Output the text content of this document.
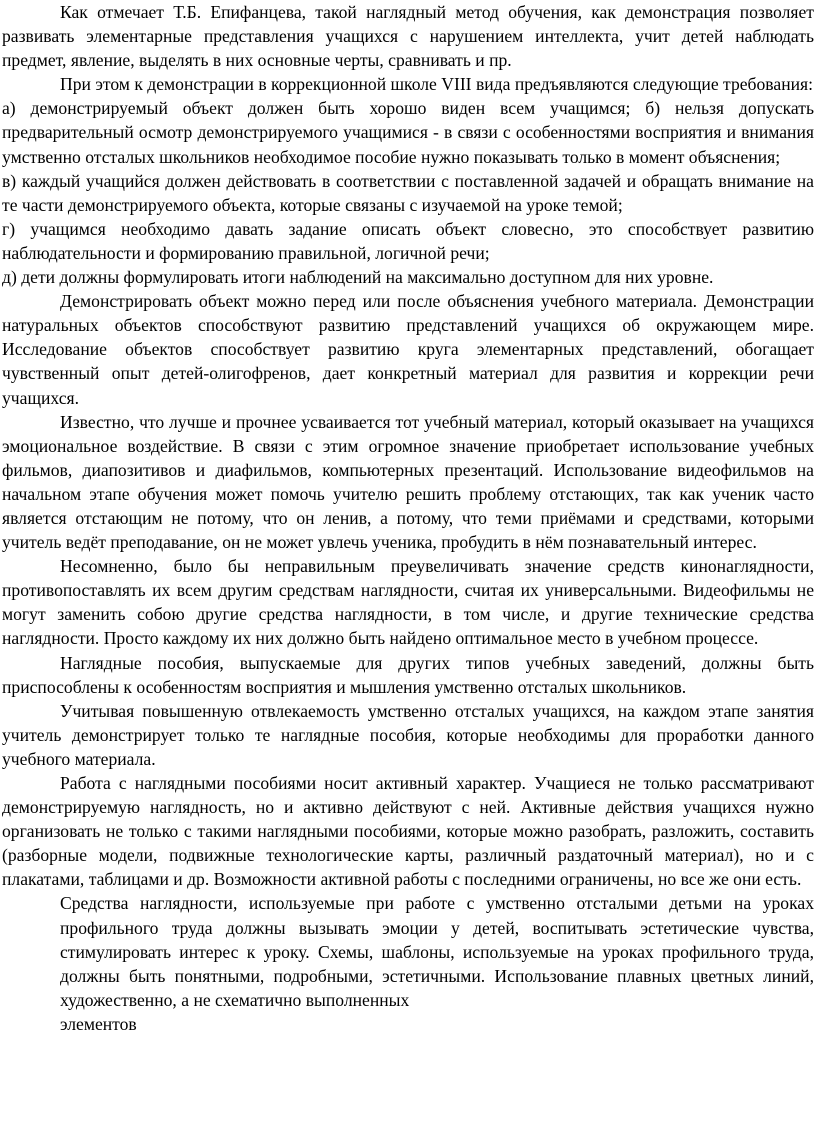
Как отмечает Т.Б. Епифанцева, такой наглядный метод обучения, как демонстрация позволяет развивать элементарные представления учащихся с нарушением интеллекта, учит детей наблюдать предмет, явление, выделять в них основные черты, сравнивать и пр.

При этом к демонстрации в коррекционной школе VIII вида предъявляются следующие требования:

а) демонстрируемый объект должен быть хорошо виден всем учащимся; б) нельзя допускать предварительный осмотр демонстрируемого учащимися - в связи с особенностями восприятия и внимания умственно отсталых школьников необходимое пособие нужно показывать только в момент объяснения;

в) каждый учащийся должен действовать в соответствии с поставленной задачей и обращать внимание на те части демонстрируемого объекта, которые связаны с изучаемой на уроке темой;

г) учащимся необходимо давать задание описать объект словесно, это способствует развитию наблюдательности и формированию правильной, логичной речи;

д) дети должны формулировать итоги наблюдений на максимально доступном для них уровне.

Демонстрировать объект можно перед или после объяснения учебного материала. Демонстрации натуральных объектов способствуют развитию представлений учащихся об окружающем мире. Исследование объектов способствует развитию круга элементарных представлений, обогащает чувственный опыт детей-олигофренов, дает конкретный материал для развития и коррекции речи учащихся.

Известно, что лучше и прочнее усваивается тот учебный материал, который оказывает на учащихся эмоциональное воздействие. В связи с этим огромное значение приобретает использование учебных фильмов, диапозитивов и диафильмов, компьютерных презентаций. Использование видеофильмов на начальном этапе обучения может помочь учителю решить проблему отстающих, так как ученик часто является отстающим не потому, что он ленив, а потому, что теми приёмами и средствами, которыми учитель ведёт преподавание, он не может увлечь ученика, пробудить в нём познавательный интерес.

Несомненно, было бы неправильным преувеличивать значение средств кинонаглядности, противопоставлять их всем другим средствам наглядности, считая их универсальными. Видеофильмы не могут заменить собою другие средства наглядности, в том числе, и другие технические средства наглядности. Просто каждому их них должно быть найдено оптимальное место в учебном процессе.

Наглядные пособия, выпускаемые для других типов учебных заведений, должны быть приспособлены к особенностям восприятия и мышления умственно отсталых школьников.

Учитывая повышенную отвлекаемость умственно отсталых учащихся, на каждом этапе занятия учитель демонстрирует только те наглядные пособия, которые необходимы для проработки данного учебного материала.

Работа с наглядными пособиями носит активный характер. Учащиеся не только рассматривают демонстрируемую наглядность, но и активно действуют с ней. Активные действия учащихся нужно организовать не только с такими наглядными пособиями, которые можно разобрать, разложить, составить (разборные модели, подвижные технологические карты, различный раздаточный материал), но и с плакатами, таблицами и др. Возможности активной работы с последними ограничены, но все же они есть.

Средства наглядности, используемые при работе с умственно отсталыми детьми на уроках профильного труда должны вызывать эмоции у детей, воспитывать эстетические чувства, стимулировать интерес к уроку. Схемы, шаблоны, используемые на уроках профильного труда, должны быть понятными, подробными, эстетичными. Использование плавных цветных линий, художественно, а не схематично выполненных

элементов
